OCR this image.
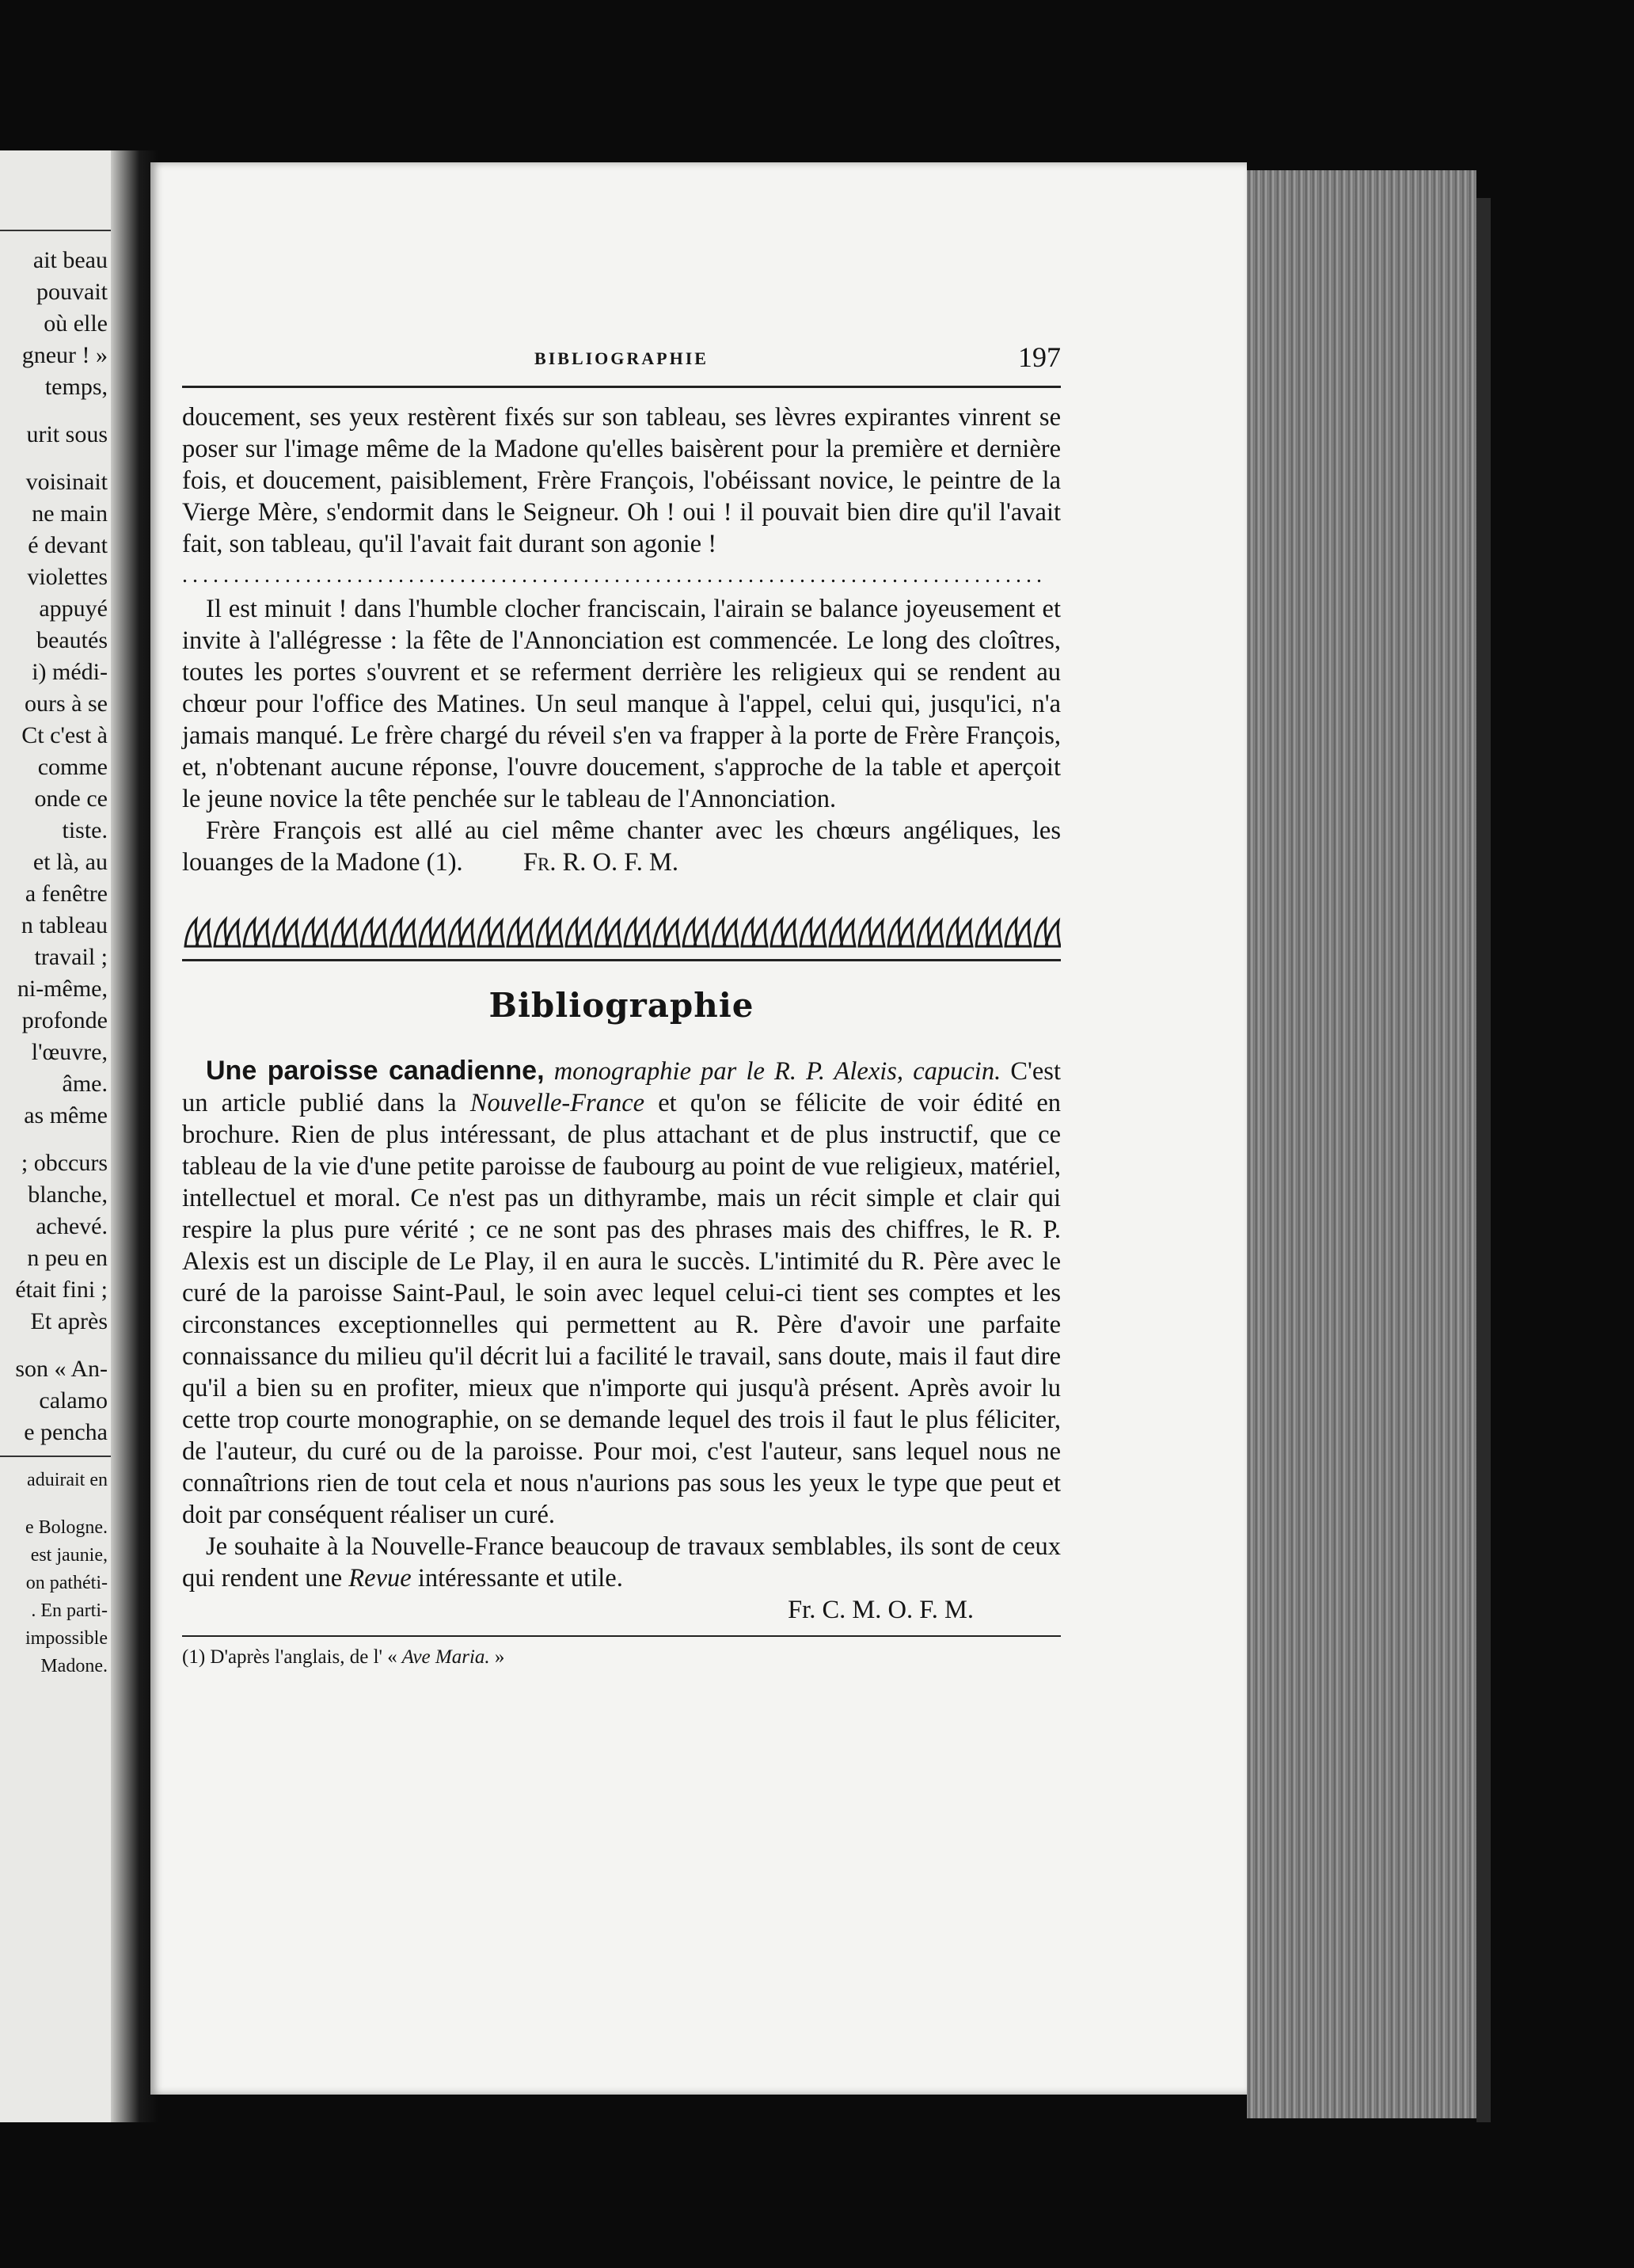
ait beau
pouvait
où elle
gneur ! »
temps,
urit sous
voisinait
ne main
é devant
violettes
appuyé
beautés
i) médi-
ours à se
Ct c'est à
comme
onde ce
tiste.
et là, au
a fenêtre
n tableau
travail ;
ni-même,
profonde
l'œuvre,
âme.
as même
; obccurs
blanche,
achevé.
n peu en
était fini ;
Et après
son « An-
calamo
e pencha
aduirait en
e Bologne.
est jaunie,
on pathéti-
. En parti-
impossible
Madone.
BIBLIOGRAPHIE	197

doucement, ses yeux restèrent fixés sur son tableau, ses lèvres expirantes vinrent se poser sur l'image même de la Madone qu'elles baisèrent pour la première et dernière fois, et doucement, paisiblement, Frère François, l'obéissant novice, le peintre de la Vierge Mère, s'endormit dans le Seigneur. Oh ! oui ! il pouvait bien dire qu'il l'avait fait, son tableau, qu'il l'avait fait durant son agonie !

....................................................................................

Il est minuit ! dans l'humble clocher franciscain, l'airain se balance joyeusement et invite à l'allégresse : la fête de l'Annonciation est commencée. Le long des cloîtres, toutes les portes s'ouvrent et se referment derrière les religieux qui se rendent au chœur pour l'office des Matines. Un seul manque à l'appel, celui qui, jusqu'ici, n'a jamais manqué. Le frère chargé du réveil s'en va frapper à la porte de Frère François, et, n'obtenant aucune réponse, l'ouvre doucement, s'approche de la table et aperçoit le jeune novice la tête penchée sur le tableau de l'Annonciation.

Frère François est allé au ciel même chanter avec les chœurs angéliques, les louanges de la Madone (1). Fr. R. O. F. M.

Bibliographie

Une paroisse canadienne, monographie par le R. P. Alexis, capucin. C'est un article publié dans la Nouvelle-France et qu'on se félicite de voir édité en brochure. Rien de plus intéressant, de plus attachant et de plus instructif, que ce tableau de la vie d'une petite paroisse de faubourg au point de vue religieux, matériel, intellectuel et moral. Ce n'est pas un dithyrambe, mais un récit simple et clair qui respire la plus pure vérité ; ce ne sont pas des phrases mais des chiffres, le R. P. Alexis est un disciple de Le Play, il en aura le succès. L'intimité du R. Père avec le curé de la paroisse Saint-Paul, le soin avec lequel celui-ci tient ses comptes et les circonstances exceptionnelles qui permettent au R. Père d'avoir une parfaite connaissance du milieu qu'il décrit lui a facilité le travail, sans doute, mais il faut dire qu'il a bien su en profiter, mieux que n'importe qui jusqu'à présent. Après avoir lu cette trop courte monographie, on se demande lequel des trois il faut le plus féliciter, de l'auteur, du curé ou de la paroisse. Pour moi, c'est l'auteur, sans lequel nous ne connaîtrions rien de tout cela et nous n'aurions pas sous les yeux le type que peut et doit par conséquent réaliser un curé.

Je souhaite à la Nouvelle-France beaucoup de travaux semblables, ils sont de ceux qui rendent une Revue intéressante et utile.

Fr. C. M. O. F. M.
(1) D'après l'anglais, de l' « Ave Maria. »
